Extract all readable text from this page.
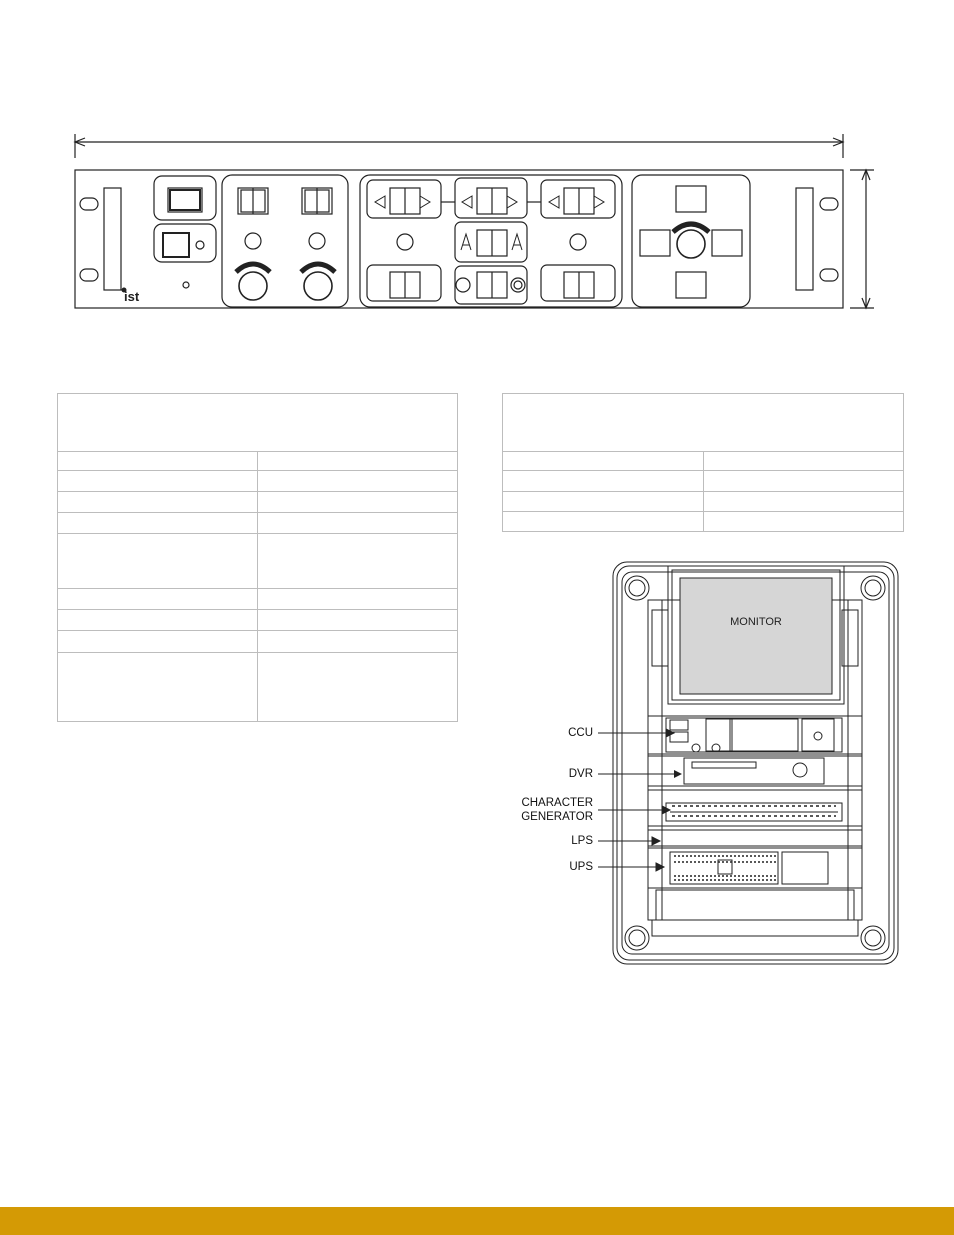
ist
MONITOR
CCU
DVR
CHARACTER
GENERATOR
LPS
UPS
